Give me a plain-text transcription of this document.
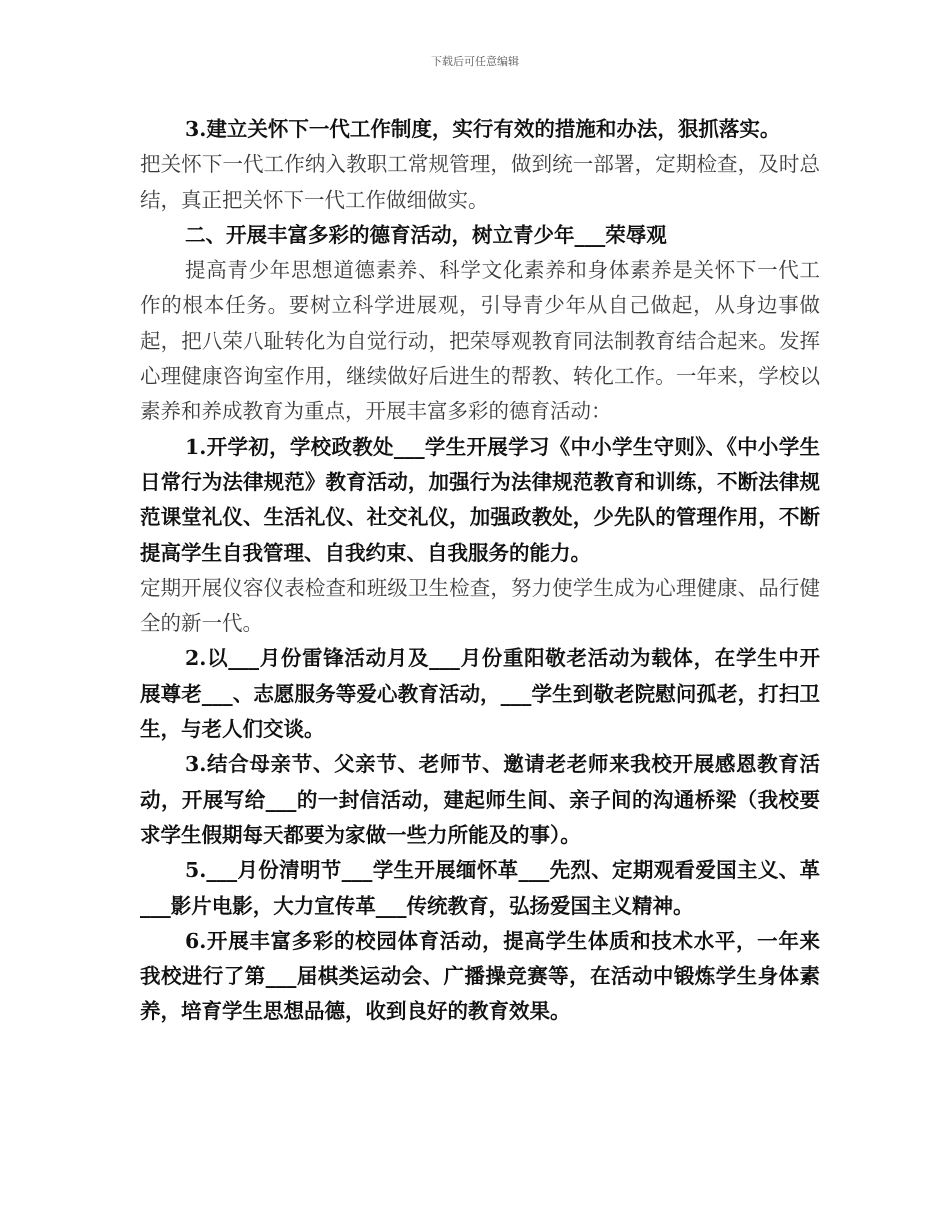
下载后可任意编辑

3.建立关怀下一代工作制度，实行有效的措施和办法，狠抓落实。

把关怀下一代工作纳入教职工常规管理，做到统一部署，定期检查，及时总结，真正把关怀下一代工作做细做实。

二、开展丰富多彩的德育活动，树立青少年___荣辱观

提高青少年思想道德素养、科学文化素养和身体素养是关怀下一代工作的根本任务。要树立科学进展观，引导青少年从自己做起，从身边事做起，把八荣八耻转化为自觉行动，把荣辱观教育同法制教育结合起来。发挥心理健康咨询室作用，继续做好后进生的帮教、转化工作。一年来，学校以素养和养成教育为重点，开展丰富多彩的德育活动：

1.开学初，学校政教处___学生开展学习《中小学生守则》、《中小学生日常行为法律规范》教育活动，加强行为法律规范教育和训练，不断法律规范课堂礼仪、生活礼仪、社交礼仪，加强政教处，少先队的管理作用，不断提高学生自我管理、自我约束、自我服务的能力。

定期开展仪容仪表检查和班级卫生检查，努力使学生成为心理健康、品行健全的新一代。

2.以___月份雷锋活动月及___月份重阳敬老活动为载体，在学生中开展尊老___、志愿服务等爱心教育活动，___学生到敬老院慰问孤老，打扫卫生，与老人们交谈。

3.结合母亲节、父亲节、老师节、邀请老老师来我校开展感恩教育活动，开展写给___的一封信活动，建起师生间、亲子间的沟通桥梁（我校要求学生假期每天都要为家做一些力所能及的事）。

5.___月份清明节___学生开展缅怀革___先烈、定期观看爱国主义、革___影片电影，大力宣传革___传统教育，弘扬爱国主义精神。

6.开展丰富多彩的校园体育活动，提高学生体质和技术水平，一年来我校进行了第___届棋类运动会、广播操竞赛等，在活动中锻炼学生身体素养，培育学生思想品德，收到良好的教育效果。
